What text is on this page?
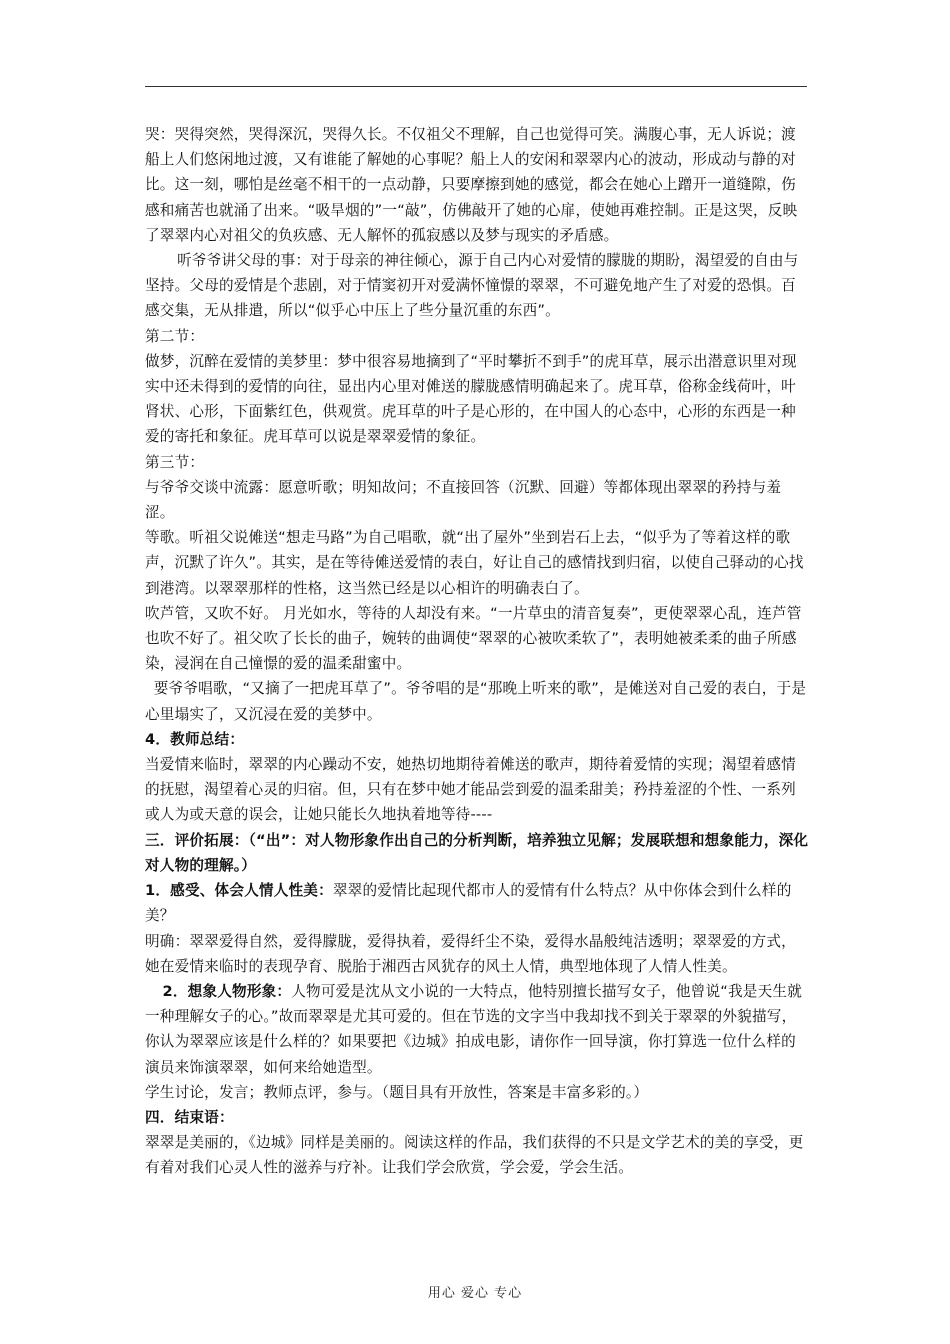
哭：哭得突然，哭得深沉，哭得久长。不仅祖父不理解，自己也觉得可笑。满腹心事，无人诉说；渡船上人们悠闲地过渡，又有谁能了解她的心事呢？船上人的安闲和翠翠内心的波动，形成动与静的对比。这一刻，哪怕是丝毫不相干的一点动静，只要摩擦到她的感觉，都会在她心上蹭开一道缝隙，伤感和痛苦也就涌了出来。“吸旱烟的”一“敲”，仿佛敲开了她的心扉，使她再难控制。正是这哭，反映了翠翠内心对祖父的负疚感、无人解怀的孤寂感以及梦与现实的矛盾感。

听爷爷讲父母的事：对于母亲的神往倾心，源于自己内心对爱情的朦胧的期盼，渴望爱的自由与坚持。父母的爱情是个悲剧，对于情窦初开对爱满怀憧憬的翠翠，不可避免地产生了对爱的恐惧。百感交集，无从排遣，所以“似乎心中压上了些分量沉重的东西”。

第二节：

做梦，沉醉在爱情的美梦里：梦中很容易地摘到了“平时攀折不到手”的虎耳草，展示出潜意识里对现实中还未得到的爱情的向往，显出内心里对傩送的朦胧感情明确起来了。虎耳草，俗称金线荷叶，叶肾状、心形，下面紫红色，供观赏。虎耳草的叶子是心形的，在中国人的心态中，心形的东西是一种爱的寄托和象征。虎耳草可以说是翠翠爱情的象征。

第三节：

与爷爷交谈中流露：愿意听歌；明知故问；不直接回答（沉默、回避）等都体现出翠翠的矜持与羞涩。

等歌。听祖父说傩送“想走马路”为自己唱歌，就“出了屋外”坐到岩石上去，“似乎为了等着这样的歌声，沉默了许久”。其实，是在等待傩送爱情的表白，好让自己的感情找到归宿，以使自己驿动的心找到港湾。以翠翠那样的性格，这当然已经是以心相许的明确表白了。

吹芦管，又吹不好。 月光如水，等待的人却没有来。“一片草虫的清音复奏”，更使翠翠心乱，连芦管也吹不好了。祖父吹了长长的曲子，婉转的曲调使“翠翠的心被吹柔软了”，表明她被柔柔的曲子所感染，浸润在自己憧憬的爱的温柔甜蜜中。

要爷爷唱歌，“又摘了一把虎耳草了”。爷爷唱的是“那晚上听来的歌”，是傩送对自己爱的表白，于是心里塌实了，又沉浸在爱的美梦中。

4．教师总结：

当爱情来临时，翠翠的内心躁动不安，她热切地期待着傩送的歌声，期待着爱情的实现；渴望着感情的抚慰，渴望着心灵的归宿。但，只有在梦中她才能品尝到爱的温柔甜美；矜持羞涩的个性、一系列或人为或天意的误会，让她只能长久地执着地等待----

三．评价拓展：（“出”：对人物形象作出自己的分析判断，培养独立见解；发展联想和想象能力，深化对人物的理解。）

1．感受、体会人情人性美：翠翠的爱情比起现代都市人的爱情有什么特点？从中你体会到什么样的美？

明确：翠翠爱得自然，爱得朦胧，爱得执着，爱得纤尘不染，爱得水晶般纯洁透明；翠翠爱的方式，她在爱情来临时的表现孕育、脱胎于湘西古风犹存的风土人情，典型地体现了人情人性美。

2．想象人物形象：人物可爱是沈从文小说的一大特点，他特别擅长描写女子，他曾说“我是天生就一种理解女子的心。”故而翠翠是尤其可爱的。但在节选的文字当中我却找不到关于翠翠的外貌描写，你认为翠翠应该是什么样的？如果要把《边城》拍成电影，请你作一回导演，你打算选一位什么样的演员来饰演翠翠，如何来给她造型。

学生讨论，发言；教师点评，参与。（题目具有开放性，答案是丰富多彩的。）

四．结束语：

翠翠是美丽的，《边城》同样是美丽的。阅读这样的作品，我们获得的不只是文学艺术的美的享受，更有着对我们心灵人性的滋养与疗补。让我们学会欣赏，学会爱，学会生活。

用心 爱心 专心
